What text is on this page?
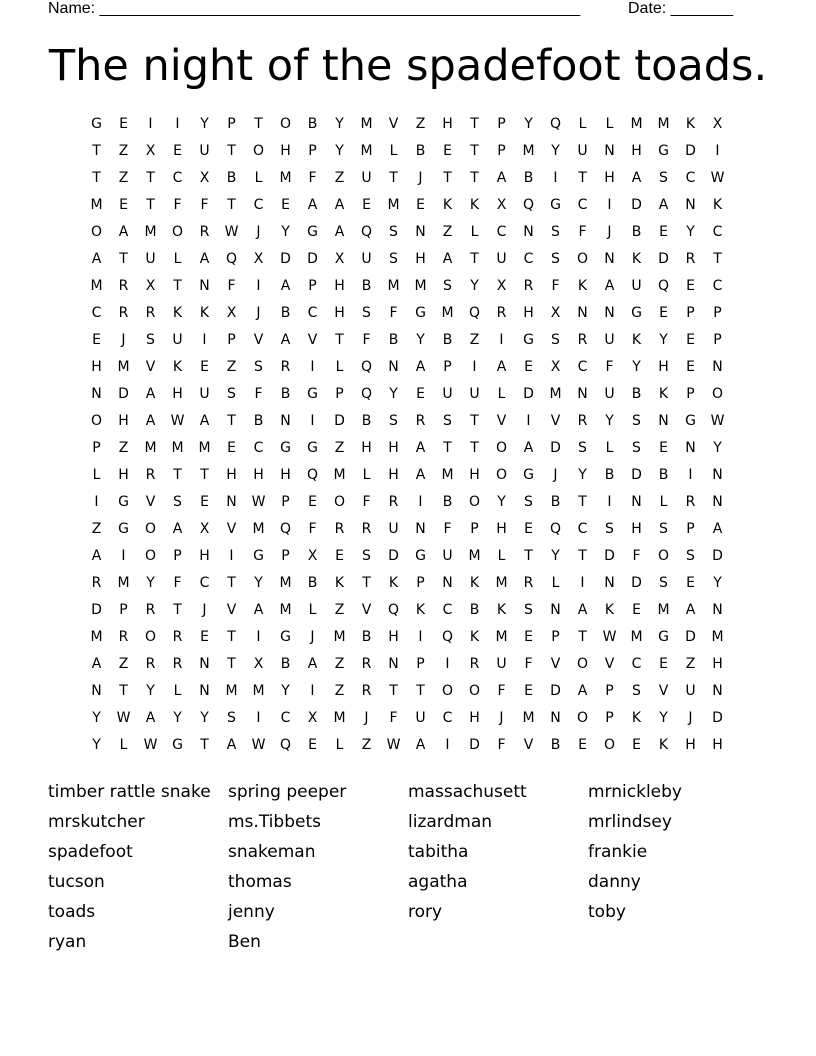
Name: ______________________________________________________	Date: _______
The night of the spadefoot toads.
G	E	I	I	Y	P	T	O	B	Y	M	V	Z	H	T	P	Y	Q	L	L	M	M	K	X
T	Z	X	E	U	T	O	H	P	Y	M	L	B	E	T	P	M	Y	U	N	H	G	D	I
T	Z	T	C	X	B	L	M	F	Z	U	T	J	T	T	A	B	I	T	H	A	S	C	W
M	E	T	F	F	T	C	E	A	A	E	M	E	K	K	X	Q	G	C	I	D	A	N	K
O	A	M	O	R	W	J	Y	G	A	Q	S	N	Z	L	C	N	S	F	J	B	E	Y	C
A	T	U	L	A	Q	X	D	D	X	U	S	H	A	T	U	C	S	O	N	K	D	R	T
M	R	X	T	N	F	I	A	P	H	B	M	M	S	Y	X	R	F	K	A	U	Q	E	C
C	R	R	K	K	X	J	B	C	H	S	F	G	M	Q	R	H	X	N	N	G	E	P	P
E	J	S	U	I	P	V	A	V	T	F	B	Y	B	Z	I	G	S	R	U	K	Y	E	P
H	M	V	K	E	Z	S	R	I	L	Q	N	A	P	I	A	E	X	C	F	Y	H	E	N
N	D	A	H	U	S	F	B	G	P	Q	Y	E	U	U	L	D	M	N	U	B	K	P	O
O	H	A	W	A	T	B	N	I	D	B	S	R	S	T	V	I	V	R	Y	S	N	G	W
P	Z	M	M	M	E	C	G	G	Z	H	H	A	T	T	O	A	D	S	L	S	E	N	Y
L	H	R	T	T	H	H	H	Q	M	L	H	A	M	H	O	G	J	Y	B	D	B	I	N
I	G	V	S	E	N	W	P	E	O	F	R	I	B	O	Y	S	B	T	I	N	L	R	N
Z	G	O	A	X	V	M	Q	F	R	R	U	N	F	P	H	E	Q	C	S	H	S	P	A
A	I	O	P	H	I	G	P	X	E	S	D	G	U	M	L	T	Y	T	D	F	O	S	D
R	M	Y	F	C	T	Y	M	B	K	T	K	P	N	K	M	R	L	I	N	D	S	E	Y
D	P	R	T	J	V	A	M	L	Z	V	Q	K	C	B	K	S	N	A	K	E	M	A	N
M	R	O	R	E	T	I	G	J	M	B	H	I	Q	K	M	E	P	T	W	M	G	D	M
A	Z	R	R	N	T	X	B	A	Z	R	N	P	I	R	U	F	V	O	V	C	E	Z	H
N	T	Y	L	N	M	M	Y	I	Z	R	T	T	O	O	F	E	D	A	P	S	V	U	N
Y	W	A	Y	Y	S	I	C	X	M	J	F	U	C	H	J	M	N	O	P	K	Y	J	D
Y	L	W	G	T	A	W	Q	E	L	Z	W	A	I	D	F	V	B	E	O	E	K	H	H
timber rattle snake	spring peeper	massachusett	mrnickleby
mrskutcher	ms.Tibbets	lizardman	mrlindsey
spadefoot	snakeman	tabitha	frankie
tucson	thomas	agatha	danny
toads	jenny	rory	toby
ryan	Ben
